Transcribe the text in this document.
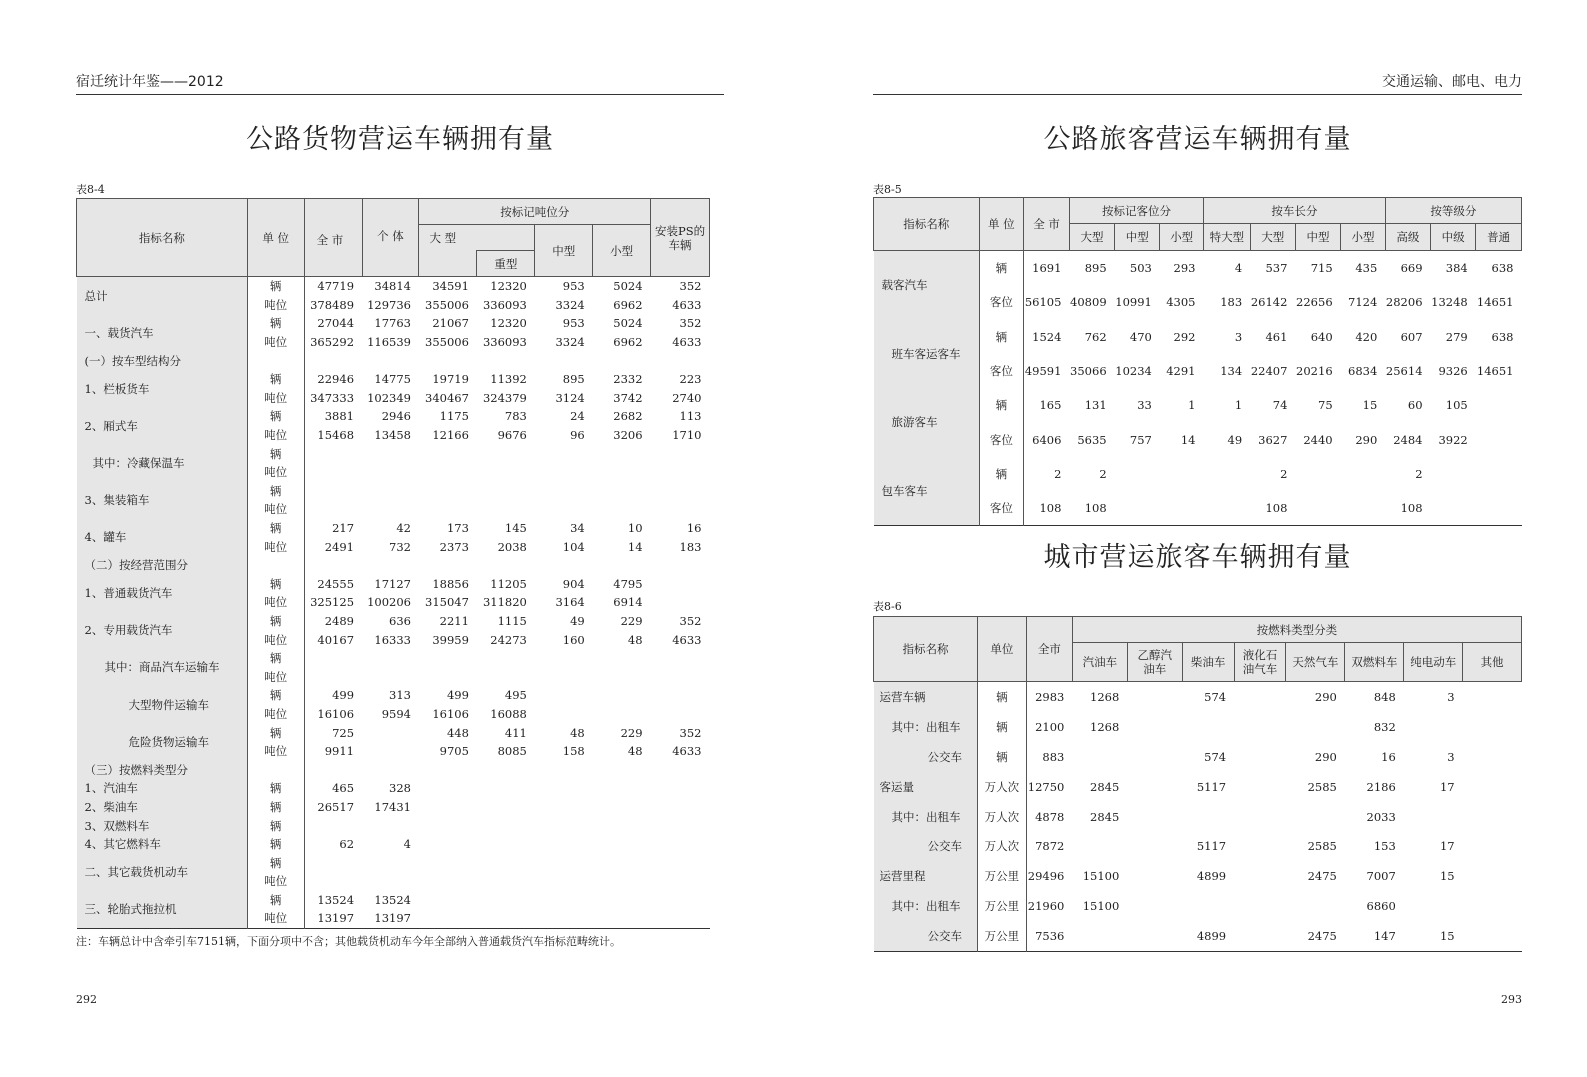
宿迁统计年鉴——2012
公路货物营运车辆拥有量
表8-4
指标名称	单 位	全 市		按标记吨位分				安装PS的车辆
			个 体	大 型		中型	小型	
					重型			
总计	辆	47719	34814	34591	12320	953	5024	352
	吨位	378489	129736	355006	336093	3324	6962	4633
一、载货汽车	辆	27044	17763	21067	12320	953	5024	352
	吨位	365292	116539	355006	336093	3324	6962	4633
(一）按车型结构分								
1、栏板货车	辆	22946	14775	19719	11392	895	2332	223
	吨位	347333	102349	340467	324379	3124	3742	2740
2、厢式车	辆	3881	2946	1175	783	24	2682	113
	吨位	15468	13458	12166	9676	96	3206	1710
其中：冷藏保温车	辆							
	吨位							
3、集装箱车	辆							
	吨位							
4、罐车	辆	217	42	173	145	34	10	16
	吨位	2491	732	2373	2038	104	14	183
（二）按经营范围分								
1、普通载货汽车	辆	24555	17127	18856	11205	904	4795	
	吨位	325125	100206	315047	311820	3164	6914	
2、专用载货汽车	辆	2489	636	2211	1115	49	229	352
	吨位	40167	16333	39959	24273	160	48	4633
其中：商品汽车运输车	辆							
	吨位							
大型物件运输车	辆	499	313	499	495			
	吨位	16106	9594	16106	16088			
危险货物运输车	辆	725		448	411	48	229	352
	吨位	9911		9705	8085	158	48	4633
（三）按燃料类型分								
1、汽油车	辆	465	328					
2、柴油车	辆	26517	17431					
3、双燃料车	辆							
4、其它燃料车	辆	62	4					
二、其它载货机动车	辆							
	吨位							
三、轮胎式拖拉机	辆	13524	13524					
	吨位	13197	13197					
注：车辆总计中含牵引车7151辆，下面分项中不含；其他载货机动车今年全部纳入普通载货汽车指标范畴统计。
292
交通运输、邮电、电力
公路旅客营运车辆拥有量
表8-5
指标名称	单 位	全 市	按标记客位分			按车长分				按等级分		
			大型	中型	小型	特大型	大型	中型	小型	高级	中级	普通
载客汽车	辆	1691	895	503	293	4	537	715	435	669	384	638
	客位	56105	40809	10991	4305	183	26142	22656	7124	28206	13248	14651
班车客运客车	辆	1524	762	470	292	3	461	640	420	607	279	638
	客位	49591	35066	10234	4291	134	22407	20216	6834	25614	9326	14651
旅游客车	辆	165	131	33	1	1	74	75	15	60	105	
	客位	6406	5635	757	14	49	3627	2440	290	2484	3922	
包车客车	辆	2	2				2			2		
	客位	108	108				108			108		
城市营运旅客车辆拥有量
表8-6
指标名称	单位	全市	按燃料类型分类							
			汽油车	乙醇汽油车	柴油车	液化石油气车	天然气车	双燃料车	纯电动车	其他
运营车辆	辆	2983	1268		574		290	848	3	
其中：出租车	辆	2100	1268					832		
公交车	辆	883			574		290	16	3	
客运量	万人次	12750	2845		5117		2585	2186	17	
其中：出租车	万人次	4878	2845					2033		
公交车	万人次	7872			5117		2585	153	17	
运营里程	万公里	29496	15100		4899		2475	7007	15	
其中：出租车	万公里	21960	15100					6860		
公交车	万公里	7536			4899		2475	147	15	
293
